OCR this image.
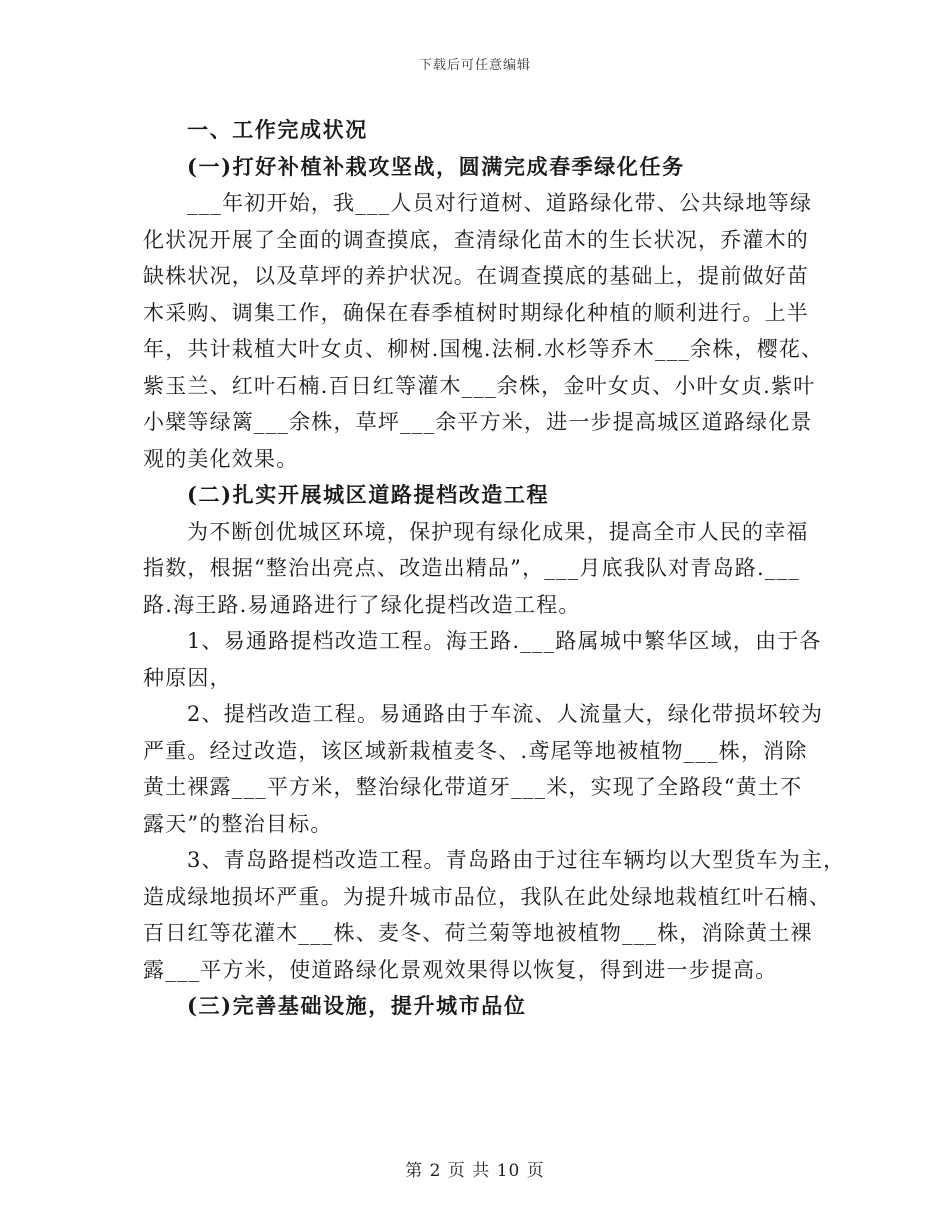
下载后可任意编辑
一、工作完成状况
(一)打好补植补栽攻坚战，圆满完成春季绿化任务
___年初开始，我___人员对行道树、道路绿化带、公共绿地等绿
化状况开展了全面的调查摸底，查清绿化苗木的生长状况，乔灌木的
缺株状况，以及草坪的养护状况。在调查摸底的基础上，提前做好苗
木采购、调集工作，确保在春季植树时期绿化种植的顺利进行。上半
年，共计栽植大叶女贞、柳树.国槐.法桐.水杉等乔木___余株，樱花、
紫玉兰、红叶石楠.百日红等灌木___余株，金叶女贞、小叶女贞.紫叶
小檗等绿篱___余株，草坪___余平方米，进一步提高城区道路绿化景
观的美化效果。
(二)扎实开展城区道路提档改造工程
为不断创优城区环境，保护现有绿化成果，提高全市人民的幸福
指数，根据“整治出亮点、改造出精品”，___月底我队对青岛路.___
路.海王路.易通路进行了绿化提档改造工程。
1、易通路提档改造工程。海王路.___路属城中繁华区域，由于各
种原因，
2、提档改造工程。易通路由于车流、人流量大，绿化带损坏较为
严重。经过改造，该区域新栽植麦冬、.鸢尾等地被植物___株，消除
黄土裸露___平方米，整治绿化带道牙___米，实现了全路段“黄土不
露天”的整治目标。
3、青岛路提档改造工程。青岛路由于过往车辆均以大型货车为主，
造成绿地损坏严重。为提升城市品位，我队在此处绿地栽植红叶石楠、
百日红等花灌木___株、麦冬、荷兰菊等地被植物___株，消除黄土裸
露___平方米，使道路绿化景观效果得以恢复，得到进一步提高。
(三)完善基础设施，提升城市品位
第 2 页 共 10 页
